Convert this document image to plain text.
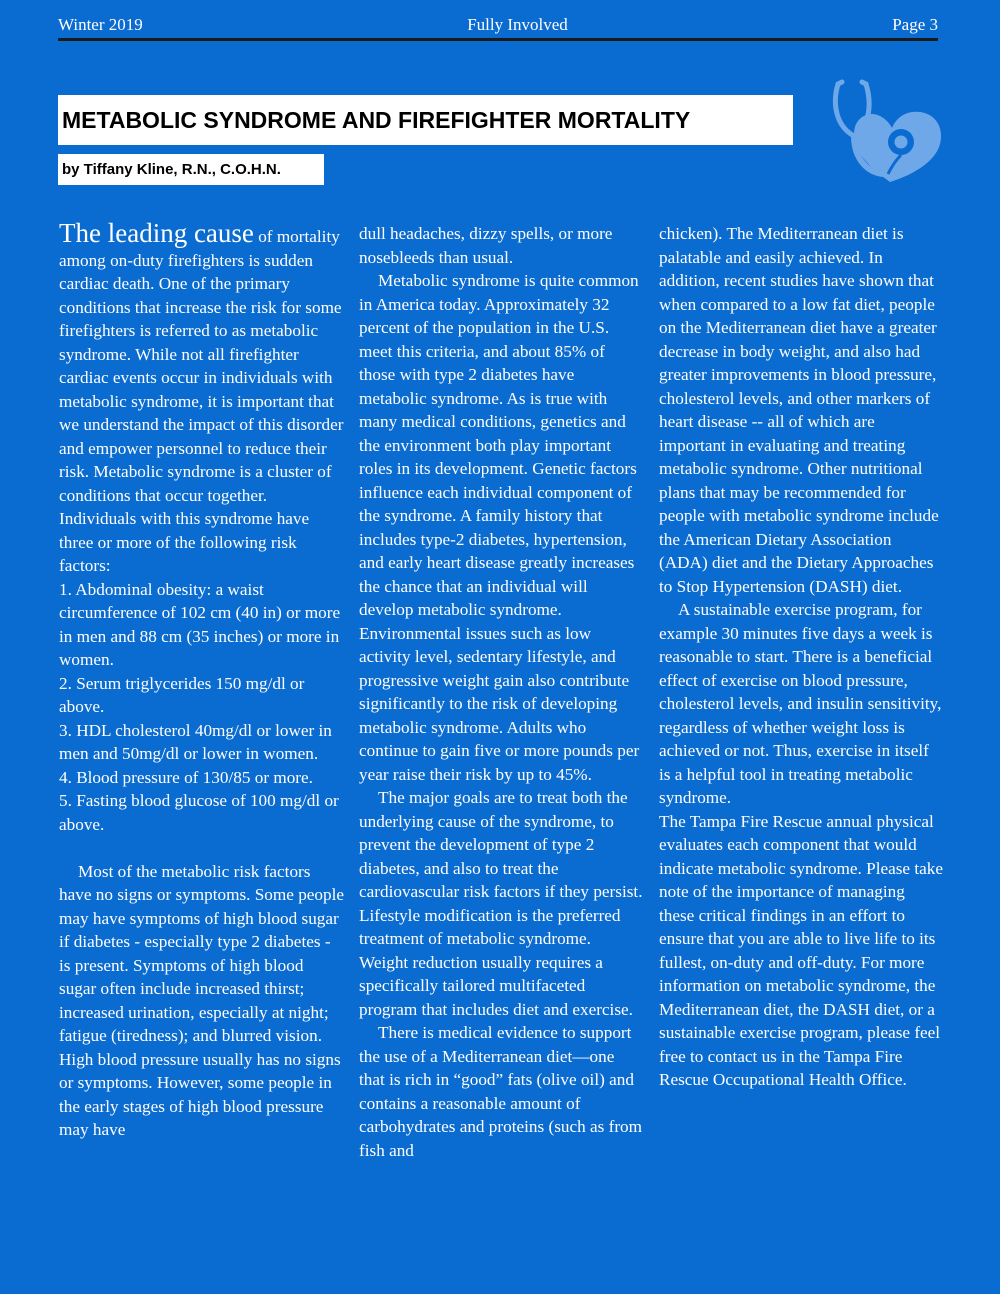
Winter 2019	Fully Involved	Page 3
METABOLIC SYNDROME AND FIREFIGHTER MORTALITY
by Tiffany Kline, R.N., C.O.H.N.

The leading cause of mortality among on-duty firefighters is sudden cardiac death. One of the primary conditions that increase the risk for some firefighters is referred to as metabolic syndrome. While not all firefighter cardiac events occur in individuals with metabolic syndrome, it is important that we understand the impact of this disorder and empower personnel to reduce their risk. Metabolic syndrome is a cluster of conditions that occur together. Individuals with this syndrome have three or more of the following risk factors:

1. Abdominal obesity: a waist circumference of 102 cm (40 in) or more in men and 88 cm (35 inches) or more in women.

2. Serum triglycerides 150 mg/dl or above.

3. HDL cholesterol 40mg/dl or lower in men and 50mg/dl or lower in women.

4. Blood pressure of 130/85 or more.

5. Fasting blood glucose of 100 mg/dl or above.

Most of the metabolic risk factors have no signs or symptoms. Some people may have symptoms of high blood sugar if diabetes - especially type 2 diabetes - is present. Symptoms of high blood sugar often include increased thirst; increased urination, especially at night; fatigue (tiredness); and blurred vision. High blood pressure usually has no signs or symptoms. However, some people in the early stages of high blood pressure may have

dull headaches, dizzy spells, or more nosebleeds than usual.

Metabolic syndrome is quite common in America today. Approximately 32 percent of the population in the U.S. meet this criteria, and about 85% of those with type 2 diabetes have metabolic syndrome. As is true with many medical conditions, genetics and the environment both play important roles in its development. Genetic factors influence each individual component of the syndrome. A family history that includes type-2 diabetes, hypertension, and early heart disease greatly increases the chance that an individual will develop metabolic syndrome. Environmental issues such as low activity level, sedentary lifestyle, and progressive weight gain also contribute significantly to the risk of developing metabolic syndrome. Adults who continue to gain five or more pounds per year raise their risk by up to 45%.

The major goals are to treat both the underlying cause of the syndrome, to prevent the development of type 2 diabetes, and also to treat the cardiovascular risk factors if they persist. Lifestyle modification is the preferred treatment of metabolic syndrome. Weight reduction usually requires a specifically tailored multifaceted program that includes diet and exercise.

There is medical evidence to support the use of a Mediterranean diet—one that is rich in “good” fats (olive oil) and contains a reasonable amount of carbohydrates and proteins (such as from fish and

chicken). The Mediterranean diet is palatable and easily achieved. In addition, recent studies have shown that when compared to a low fat diet, people on the Mediterranean diet have a greater decrease in body weight, and also had greater improvements in blood pressure, cholesterol levels, and other markers of heart disease -- all of which are important in evaluating and treating metabolic syndrome. Other nutritional plans that may be recommended for people with metabolic syndrome include the American Dietary Association (ADA) diet and the Dietary Approaches to Stop Hypertension (DASH) diet.

A sustainable exercise program, for example 30 minutes five days a week is reasonable to start. There is a beneficial effect of exercise on blood pressure, cholesterol levels, and insulin sensitivity, regardless of whether weight loss is achieved or not. Thus, exercise in itself is a helpful tool in treating metabolic syndrome.

The Tampa Fire Rescue annual physical evaluates each component that would indicate metabolic syndrome. Please take note of the importance of managing these critical findings in an effort to ensure that you are able to live life to its fullest, on-duty and off-duty. For more information on metabolic syndrome, the Mediterranean diet, the DASH diet, or a sustainable exercise program, please feel free to contact us in the Tampa Fire Rescue Occupational Health Office.
